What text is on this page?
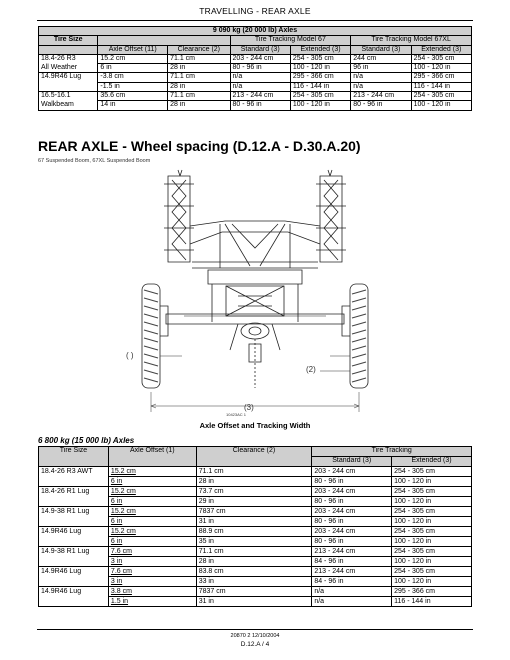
TRAVELLING - REAR AXLE
9 090 kg (20 000 lb) Axles						
Tire Size			Tire Tracking Model 67		Tire Tracking Model 67XL	
	Axle Offset (11)	Clearance (2)	Standard (3)	Extended (3)	Standard (3)	Extended (3)
18.4-26 R3	15.2 cm	71.1 cm	203 - 244 cm	254 - 305 cm	244 cm	254 - 305 cm
All Weather	6 in	28 in	80 - 96 in	100 - 120 in	96 in	100 - 120 in
14.9R46 Lug	-3.8 cm	71.1 cm	n/a	295 - 366 cm	n/a	295 - 366 cm
	-1.5 in	28 in	n/a	116 - 144 in	n/a	116 - 144 in
16.5-16.1	35.6 cm	71.1 cm	213 - 244 cm	254 - 305 cm	213 - 244 cm	254 - 305 cm
Walkbeam	14 in	28 in	80 - 96 in	100 - 120 in	80 - 96 in	100 - 120 in
REAR AXLE - Wheel spacing (D.12.A - D.30.A.20)
67 Suspended Boom, 67XL Suspended Boom
( )
(2)
(3)
10423AC 1
Axle Offset and Tracking Width
6 800 kg (15 000 lb) Axles
Tire Size	Axle Offset (1)	Clearance (2)	Tire Tracking	
			Standard (3)	Extended (3)
18.4-26 R3 AWT	15.2 cm	71.1 cm	203 - 244 cm	254 - 305 cm
	6 in	28 in	80 - 96 in	100 - 120 in
18.4-26 R1 Lug	15.2 cm	73.7 cm	203 - 244 cm	254 - 305 cm
	6 in	29 in	80 - 96 in	100 - 120 in
14.9-38 R1 Lug	15.2 cm	7837 cm	203 - 244 cm	254 - 305 cm
	6 in	31 in	80 - 96 in	100 - 120 in
14.9R46 Lug	15.2 cm	88.9 cm	203 - 244 cm	254 - 305 cm
	6 in	35 in	80 - 96 in	100 - 120 in
14.9-38 R1 Lug	7.6 cm	71.1 cm	213 - 244 cm	254 - 305 cm
	3 in	28 in	84 - 96 in	100 - 120 in
14.9R46 Lug	7.6 cm	83.8 cm	213 - 244 cm	254 - 305 cm
	3 in	33 in	84 - 96 in	100 - 120 in
14.9R46 Lug	3.8 cm	7837 cm	n/a	295 - 366 cm
	1.5 in	31 in	n/a	116 - 144 in
20870 2 12/10/2004
D.12.A / 4
